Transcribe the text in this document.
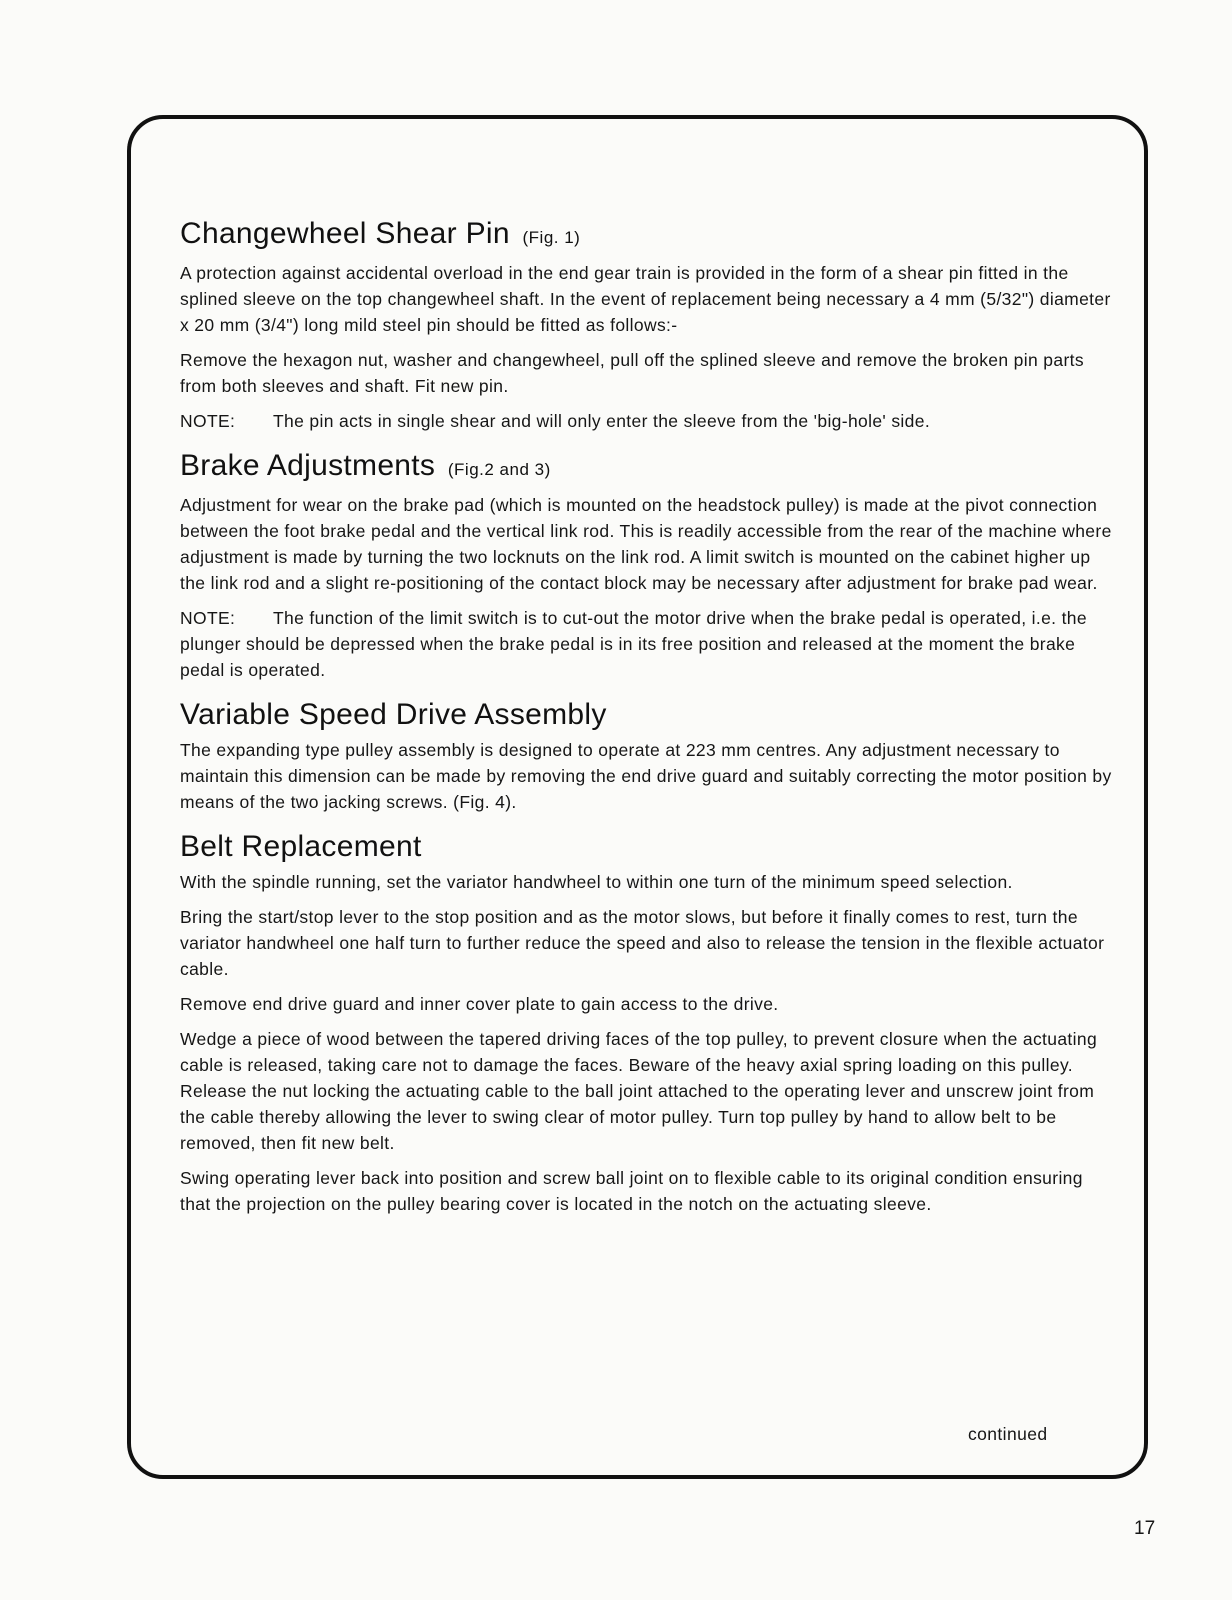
Changewheel Shear Pin (Fig. 1)

A protection against accidental overload in the end gear train is provided in the form of a shear pin fitted in the splined sleeve on the top changewheel shaft. In the event of replacement being necessary a 4 mm (5/32") diameter x 20 mm (3/4") long mild steel pin should be fitted as follows:-

Remove the hexagon nut, washer and changewheel, pull off the splined sleeve and remove the broken pin parts from both sleeves and shaft. Fit new pin.

NOTE: The pin acts in single shear and will only enter the sleeve from the 'big-hole' side.

Brake Adjustments (Fig.2 and 3)

Adjustment for wear on the brake pad (which is mounted on the headstock pulley) is made at the pivot connection between the foot brake pedal and the vertical link rod. This is readily accessible from the rear of the machine where adjustment is made by turning the two locknuts on the link rod. A limit switch is mounted on the cabinet higher up the link rod and a slight re-positioning of the contact block may be necessary after adjustment for brake pad wear.

NOTE: The function of the limit switch is to cut-out the motor drive when the brake pedal is operated, i.e. the plunger should be depressed when the brake pedal is in its free position and released at the moment the brake pedal is operated.

Variable Speed Drive Assembly

The expanding type pulley assembly is designed to operate at 223 mm centres. Any adjustment necessary to maintain this dimension can be made by removing the end drive guard and suitably correcting the motor position by means of the two jacking screws. (Fig. 4).

Belt Replacement

With the spindle running, set the variator handwheel to within one turn of the minimum speed selection.

Bring the start/stop lever to the stop position and as the motor slows, but before it finally comes to rest, turn the variator handwheel one half turn to further reduce the speed and also to release the tension in the flexible actuator cable.

Remove end drive guard and inner cover plate to gain access to the drive.

Wedge a piece of wood between the tapered driving faces of the top pulley, to prevent closure when the actuating cable is released, taking care not to damage the faces. Beware of the heavy axial spring loading on this pulley. Release the nut locking the actuating cable to the ball joint attached to the operating lever and unscrew joint from the cable thereby allowing the lever to swing clear of motor pulley. Turn top pulley by hand to allow belt to be removed, then fit new belt.

Swing operating lever back into position and screw ball joint on to flexible cable to its original condition ensuring that the projection on the pulley bearing cover is located in the notch on the actuating sleeve.

continued
17
